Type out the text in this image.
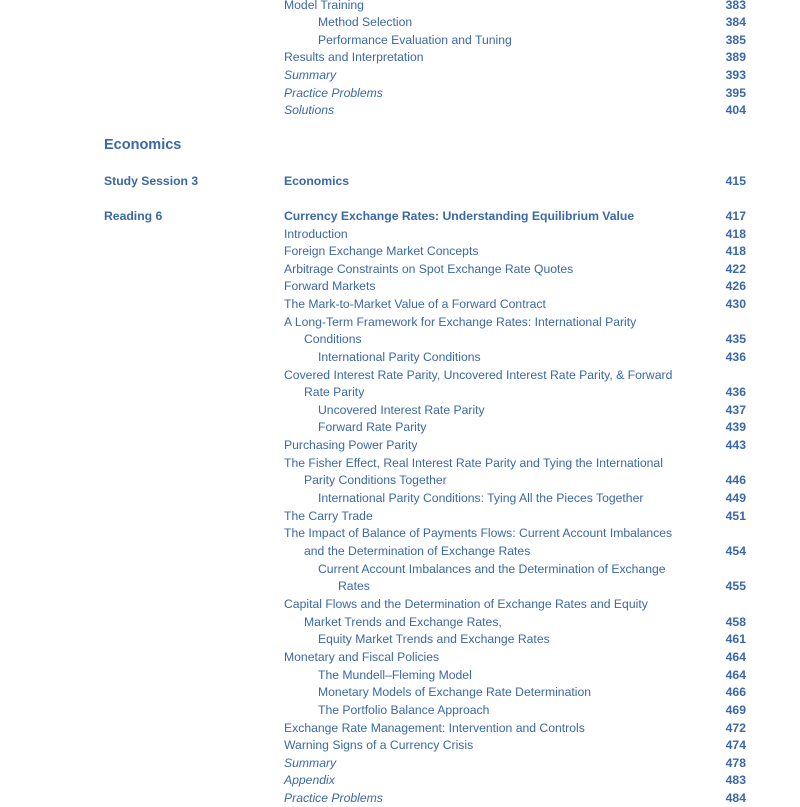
Model Training	383
Method Selection	384
Performance Evaluation and Tuning	385
Results and Interpretation	389
Summary	393
Practice Problems	395
Solutions	404
Economics
Study Session 3	Economics	415
Reading 6	Currency Exchange Rates: Understanding Equilibrium Value	417
Introduction	418
Foreign Exchange Market Concepts	418
Arbitrage Constraints on Spot Exchange Rate Quotes	422
Forward Markets	426
The Mark-to-Market Value of a Forward Contract	430
A Long-Term Framework for Exchange Rates: International Parity
Conditions	435
International Parity Conditions	436
Covered Interest Rate Parity, Uncovered Interest Rate Parity, & Forward
Rate Parity	436
Uncovered Interest Rate Parity	437
Forward Rate Parity	439
Purchasing Power Parity	443
The Fisher Effect, Real Interest Rate Parity and Tying the International
Parity Conditions Together	446
International Parity Conditions: Tying All the Pieces Together	449
The Carry Trade	451
The Impact of Balance of Payments Flows: Current Account Imbalances
and the Determination of Exchange Rates	454
Current Account Imbalances and the Determination of Exchange
Rates	455
Capital Flows and the Determination of Exchange Rates and Equity
Market Trends and Exchange Rates,	458
Equity Market Trends and Exchange Rates	461
Monetary and Fiscal Policies	464
The Mundell–Fleming Model	464
Monetary Models of Exchange Rate Determination	466
The Portfolio Balance Approach	469
Exchange Rate Management: Intervention and Controls	472
Warning Signs of a Currency Crisis	474
Summary	478
Appendix	483
Practice Problems	484
